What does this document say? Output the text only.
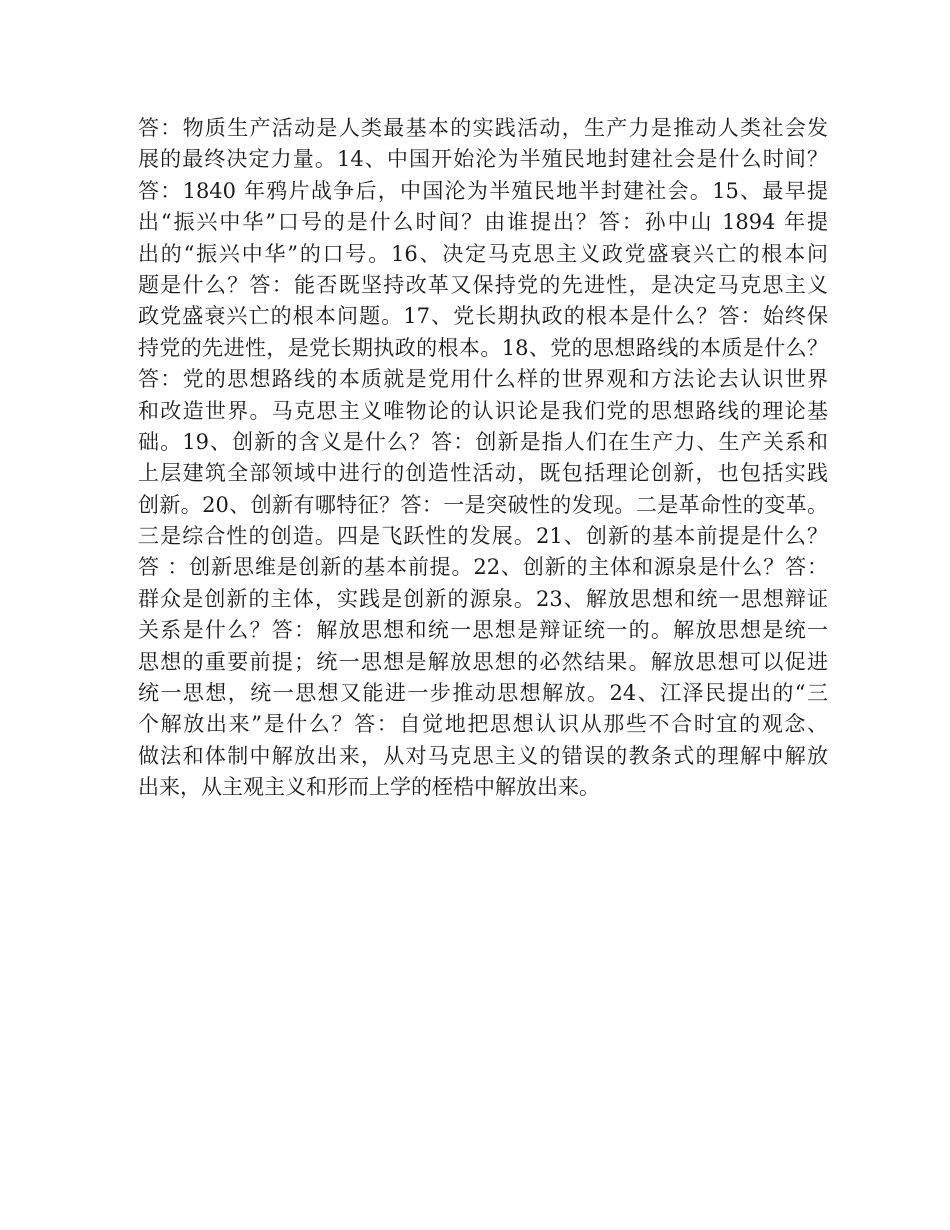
答：物质生产活动是人类最基本的实践活动，生产力是推动人类社会发
展的最终决定力量。14、中国开始沦为半殖民地封建社会是什么时间？
答：1840 年鸦片战争后，中国沦为半殖民地半封建社会。15、最早提
出“振兴中华”口号的是什么时间？由谁提出？答：孙中山 1894 年提
出的“振兴中华”的口号。16、决定马克思主义政党盛衰兴亡的根本问
题是什么？答：能否既坚持改革又保持党的先进性，是决定马克思主义
政党盛衰兴亡的根本问题。17、党长期执政的根本是什么？答：始终保
持党的先进性，是党长期执政的根本。18、党的思想路线的本质是什么？
答：党的思想路线的本质就是党用什么样的世界观和方法论去认识世界
和改造世界。马克思主义唯物论的认识论是我们党的思想路线的理论基
础。19、创新的含义是什么？答：创新是指人们在生产力、生产关系和
上层建筑全部领域中进行的创造性活动，既包括理论创新，也包括实践
创新。20、创新有哪特征？答：一是突破性的发现。二是革命性的变革。
三是综合性的创造。四是飞跃性的发展。21、创新的基本前提是什么？
答 ：创新思维是创新的基本前提。22、创新的主体和源泉是什么？答：
群众是创新的主体，实践是创新的源泉。23、解放思想和统一思想辩证
关系是什么？答：解放思想和统一思想是辩证统一的。解放思想是统一
思想的重要前提；统一思想是解放思想的必然结果。解放思想可以促进
统一思想，统一思想又能进一步推动思想解放。24、江泽民提出的“三
个解放出来”是什么？答：自觉地把思想认识从那些不合时宜的观念、
做法和体制中解放出来，从对马克思主义的错误的教条式的理解中解放
出来，从主观主义和形而上学的桎梏中解放出来。
